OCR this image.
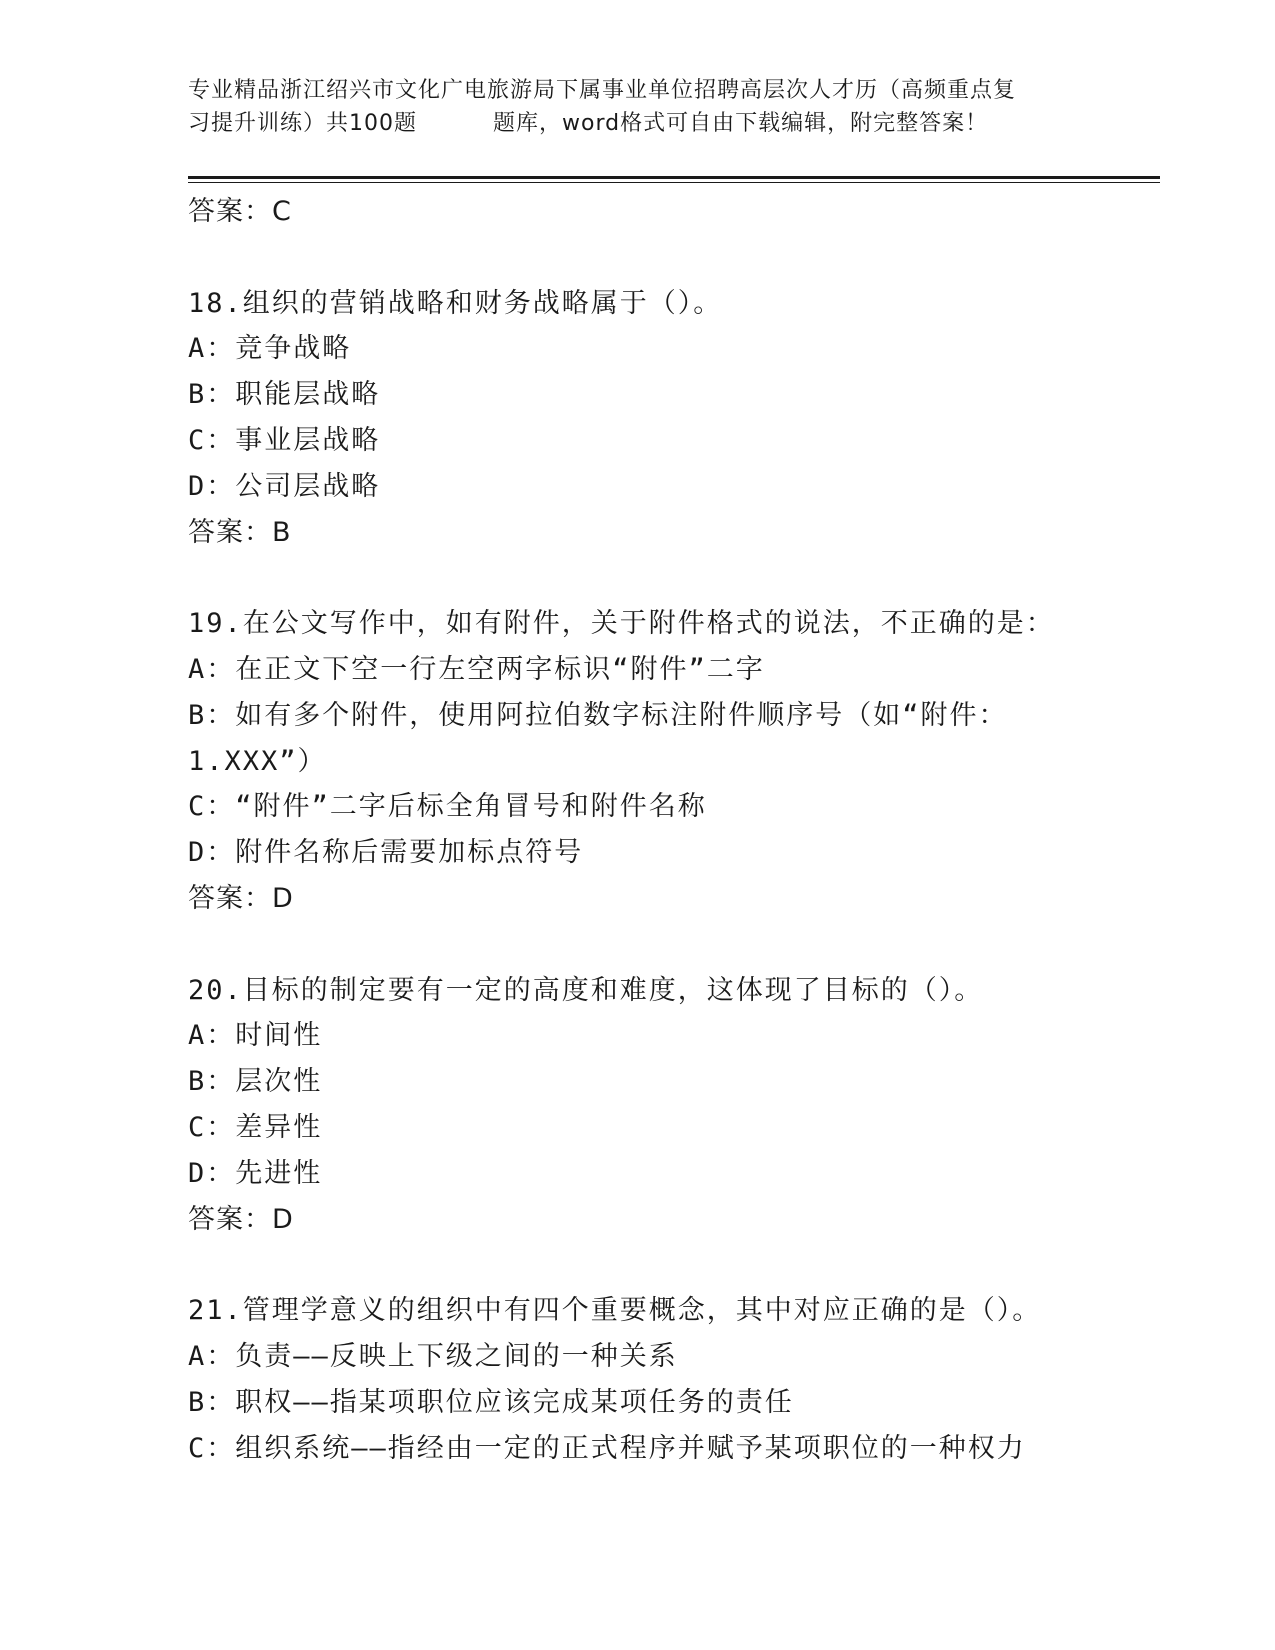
专业精品浙江绍兴市文化广电旅游局下属事业单位招聘高层次人才历（高频重点复
习提升训练）共100题	题库，word格式可自由下载编辑，附完整答案！
答案：C
18.组织的营销战略和财务战略属于（）。
A：竞争战略
B：职能层战略
C：事业层战略
D：公司层战略
答案：B
19.在公文写作中，如有附件，关于附件格式的说法，不正确的是：
A：在正文下空一行左空两字标识“附件”二字
B：如有多个附件，使用阿拉伯数字标注附件顺序号（如“附件：
1.XXX”）
C：“附件”二字后标全角冒号和附件名称
D：附件名称后需要加标点符号
答案：D
20.目标的制定要有一定的高度和难度，这体现了目标的（）。
A：时间性
B：层次性
C：差异性
D：先进性
答案：D
21.管理学意义的组织中有四个重要概念，其中对应正确的是（）。
A：负责——反映上下级之间的一种关系
B：职权——指某项职位应该完成某项任务的责任
C：组织系统——指经由一定的正式程序并赋予某项职位的一种权力
